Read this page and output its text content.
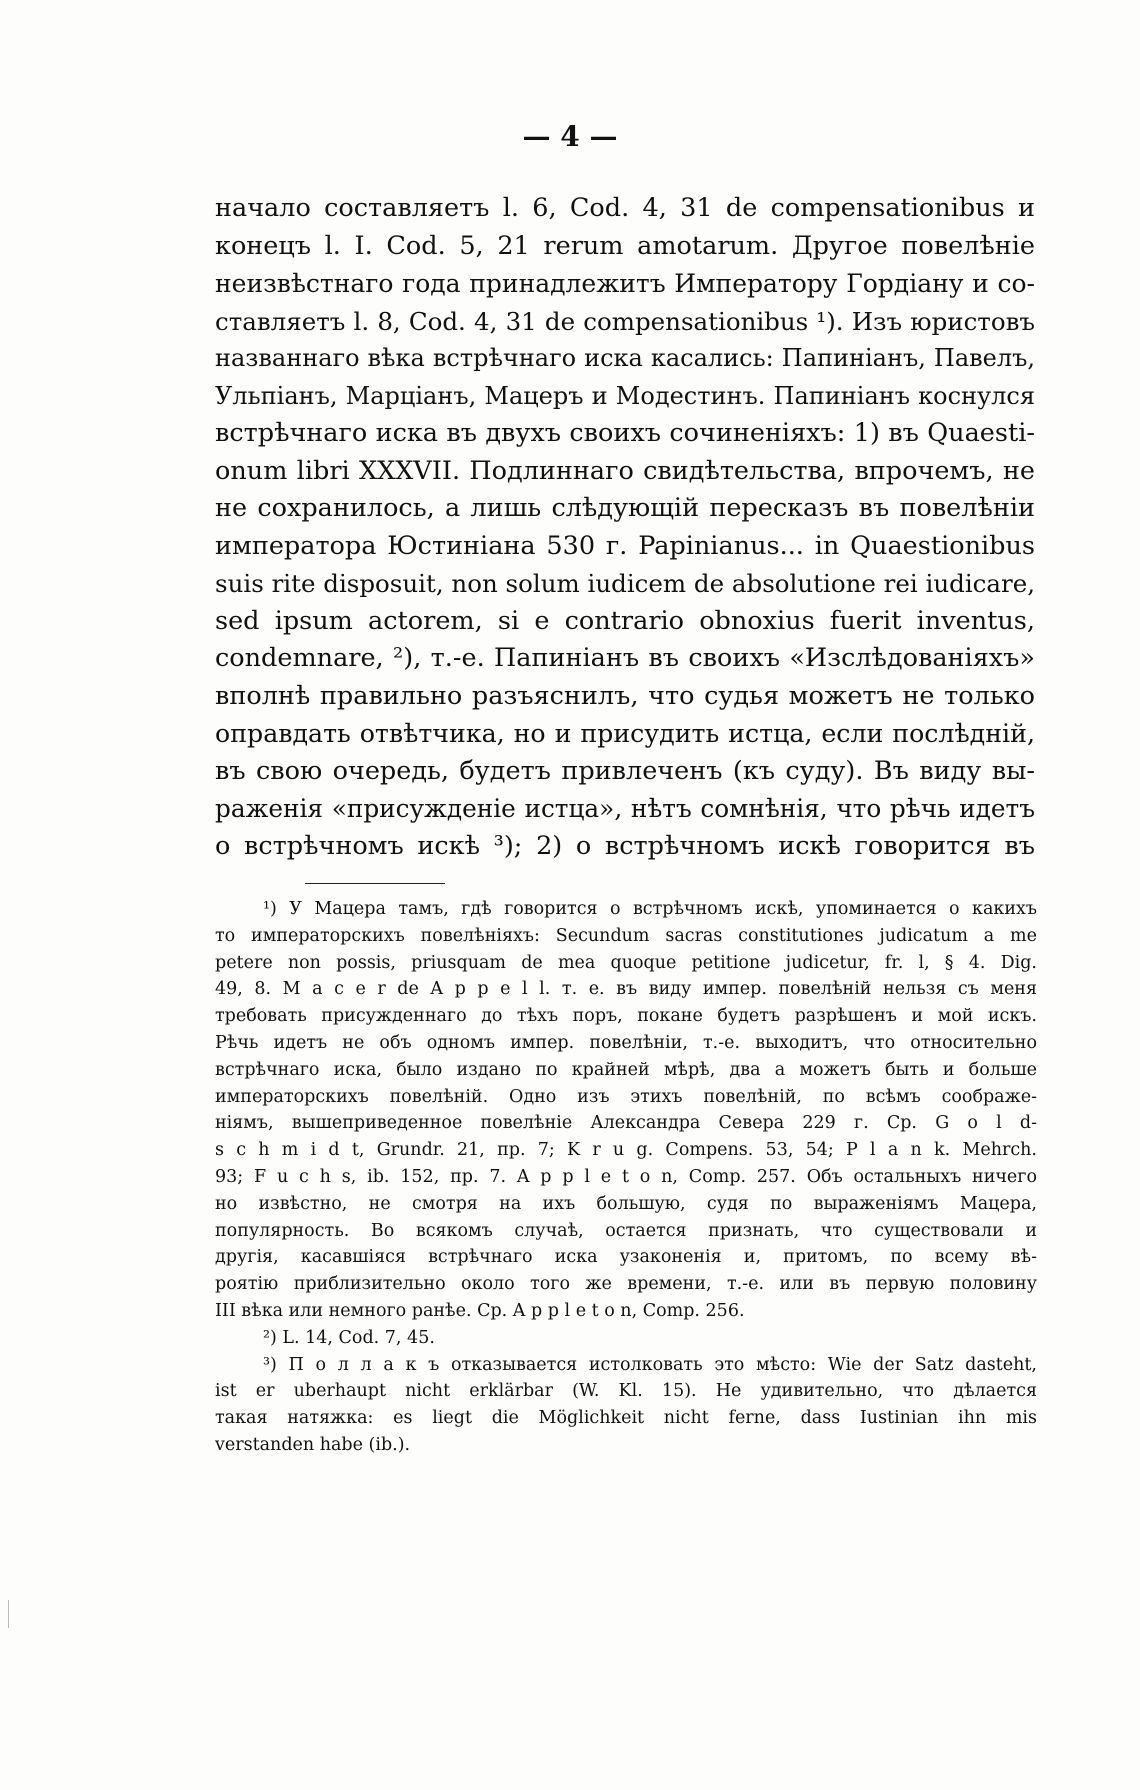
— 4 —
начало составляетъ l. 6, Cod. 4, 31 de compensationibus и
конецъ l. I. Cod. 5, 21 rerum amotarum. Другое повелѣніе
неизвѣстнаго года принадлежитъ Императору Гордіану и со-
ставляетъ l. 8, Cod. 4, 31 de compensationibus ¹). Изъ юристовъ
названнаго вѣка встрѣчнаго иска касались: Папиніанъ, Павелъ,
Ульпіанъ, Марціанъ, Мацеръ и Модестинъ. Папиніанъ коснулся
встрѣчнаго иска въ двухъ своихъ сочиненіяхъ: 1) въ Quaesti-
onum libri XXXVII. Подлиннаго свидѣтельства, впрочемъ, не
не сохранилось, а лишь слѣдующій пересказъ въ повелѣніи
императора Юстиніана 530 г. Papinianus... in Quaestionibus
suis rite disposuit, non solum iudicem de absolutione rei iudicare,
sed ipsum actorem, si e contrario obnoxius fuerit inventus,
condemnare, ²), т.-е. Папиніанъ въ своихъ «Изслѣдованіяхъ»
вполнѣ правильно разъяснилъ, что судья можетъ не только
оправдать отвѣтчика, но и присудить истца, если послѣдній,
въ свою очередь, будетъ привлеченъ (къ суду). Въ виду вы-
раженія «присужденіе истца», нѣтъ сомнѣнія, что рѣчь идетъ
о встрѣчномъ искѣ ³); 2) о встрѣчномъ искѣ говорится въ
¹) У Мацера тамъ, гдѣ говорится о встрѣчномъ искѣ, упоминается о какихъ
то императорскихъ повелѣніяхъ: Secundum sacras constitutiones judicatum a me
petere non possis, priusquam de mea quoque petitione judicetur, fr. l, § 4. Dig.
49, 8. M a c e r de A p p e l l. т. е. въ виду импер. повелѣній нельзя съ меня
требовать присужденнаго до тѣхъ поръ, покане будетъ разрѣшенъ и мой искъ.
Рѣчь идетъ не объ одномъ импер. повелѣніи, т.-е. выходитъ, что относительно
встрѣчнаго иска, было издано по крайней мѣрѣ, два а можетъ быть и больше
императорскихъ повелѣній. Одно изъ этихъ повелѣній, по всѣмъ соображе-
ніямъ, вышеприведенное повелѣніе Александра Севера 229 г. Ср. G o l d-
s c h m i d t, Grundr. 21, пр. 7; K r u g. Compens. 53, 54; P l a n k. Mehrch.
93; F u c h s, ib. 152, пр. 7. A p p l e t o n, Comp. 257. Объ остальныхъ ничего
но извѣстно, не смотря на ихъ большую, судя по выраженіямъ Мацера,
популярность. Во всякомъ случаѣ, остается признать, что существовали и
другія, касавшіяся встрѣчнаго иска узаконенія и, притомъ, по всему вѣ-
роятію приблизительно около того же времени, т.-е. или въ первую половину
III вѣка или немного ранѣе. Ср. A p p l e t o n, Comp. 256.
²) L. 14, Cod. 7, 45.
³) П о л л а к ъ отказывается истолковать это мѣсто: Wie der Satz dasteht,
ist er uberhaupt nicht erklärbar (W. Kl. 15). Не удивительно, что дѣлается
такая натяжка: es liegt die Möglichkeit nicht ferne, dass Iustinian ihn mis
verstanden habe (ib.).
